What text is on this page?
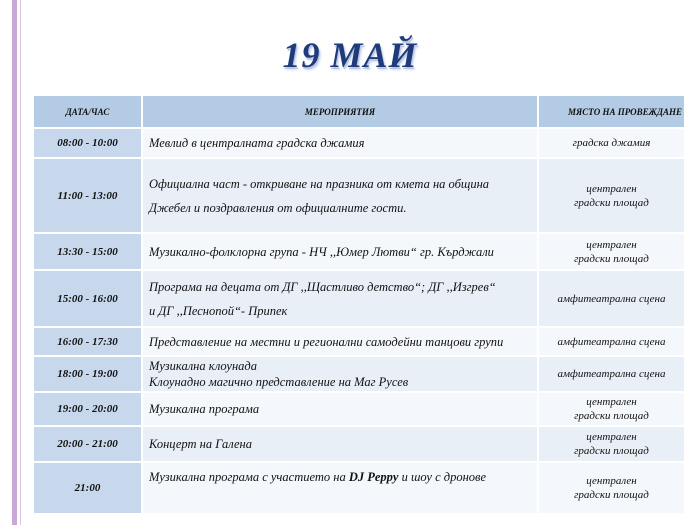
19 МАЙ
ДАТА/ЧАС	МЕРОПРИЯТИЯ	МЯСТО НА ПРОВЕЖДАНЕ
08:00 - 10:00	Мевлид в централната градска джамия	градска джамия

11:00 - 13:00	Официална част - откриване на празника от кмета на община
Джебел и поздравления от официалните гости.	централен
градски площад

13:30 - 15:00	Музикално-фолклорна група - НЧ ,,Юмер Лютви“ гр. Кърджали	централен
градски площад

15:00 - 16:00	Програма на децата от ДГ ,,Щастливо детство“; ДГ ,,Изгрев“
и ДГ ,,Песнопой“- Припек	амфитеатрална сцена

16:00 - 17:30	Представление на местни и регионални самодейни танцови групи	амфитеатрална сцена

18:00 - 19:00	Музикална клоунада
Клоунадно магично представление на Маг Русев	амфитеатрална сцена

19:00 - 20:00	Музикална програма	централен
градски площад

20:00 - 21:00	Концерт на Галена	централен
градски площад

21:00	Музикална програма с участието на DJ Peppy и шоу с дронове	централен
градски площад
